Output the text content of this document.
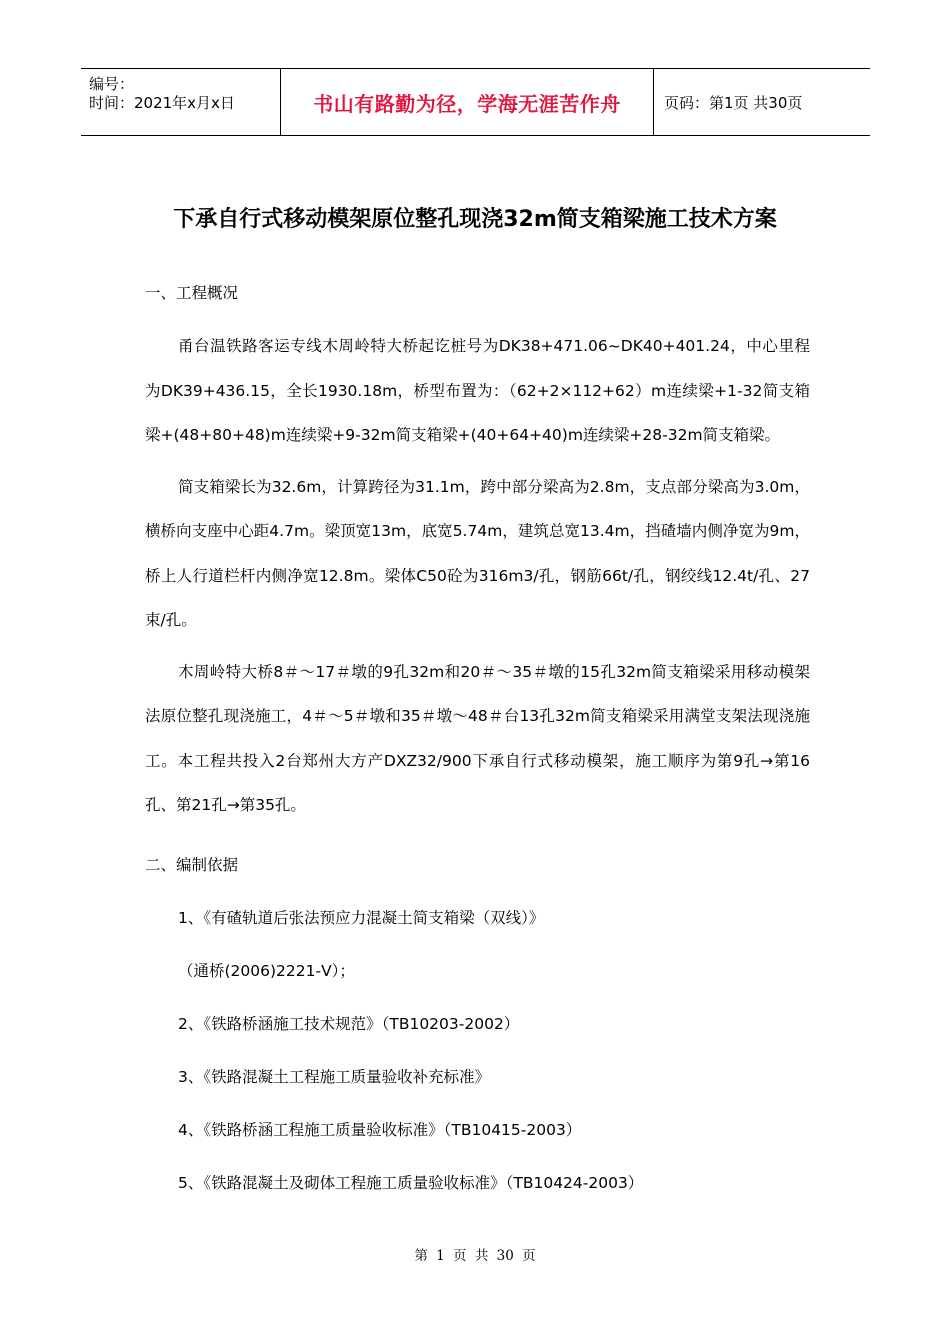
编号：
时间：2021年x月x日	书山有路勤为径，学海无涯苦作舟	页码：第1页 共30页
下承自行式移动模架原位整孔现浇32m简支箱梁施工技术方案

一、工程概况

甬台温铁路客运专线木周岭特大桥起讫桩号为DK38+471.06~DK40+401.24，中心里程为DK39+436.15，全长1930.18m，桥型布置为：（62+2×112+62）m连续梁+1-32简支箱梁+(48+80+48)m连续梁+9-32m简支箱梁+(40+64+40)m连续梁+28-32m简支箱梁。

简支箱梁长为32.6m，计算跨径为31.1m，跨中部分梁高为2.8m，支点部分梁高为3.0m，横桥向支座中心距4.7m。梁顶宽13m，底宽5.74m，建筑总宽13.4m，挡碴墙内侧净宽为9m，桥上人行道栏杆内侧净宽12.8m。梁体C50砼为316m3/孔，钢筋66t/孔，钢绞线12.4t/孔、27束/孔。

木周岭特大桥8＃～17＃墩的9孔32m和20＃～35＃墩的15孔32m简支箱梁采用移动模架法原位整孔现浇施工，4＃～5＃墩和35＃墩～48＃台13孔32m简支箱梁采用满堂支架法现浇施工。本工程共投入2台郑州大方产DXZ32/900下承自行式移动模架，施工顺序为第9孔→第16孔、第21孔→第35孔。

二、编制依据

1、《有碴轨道后张法预应力混凝土简支箱梁（双线）》

（通桥(2006)2221-V）；

2、《铁路桥涵施工技术规范》（TB10203-2002）

3、《铁路混凝土工程施工质量验收补充标准》

4、《铁路桥涵工程施工质量验收标准》（TB10415-2003）

5、《铁路混凝土及砌体工程施工质量验收标准》（TB10424-2003）

第 1 页 共 30 页
